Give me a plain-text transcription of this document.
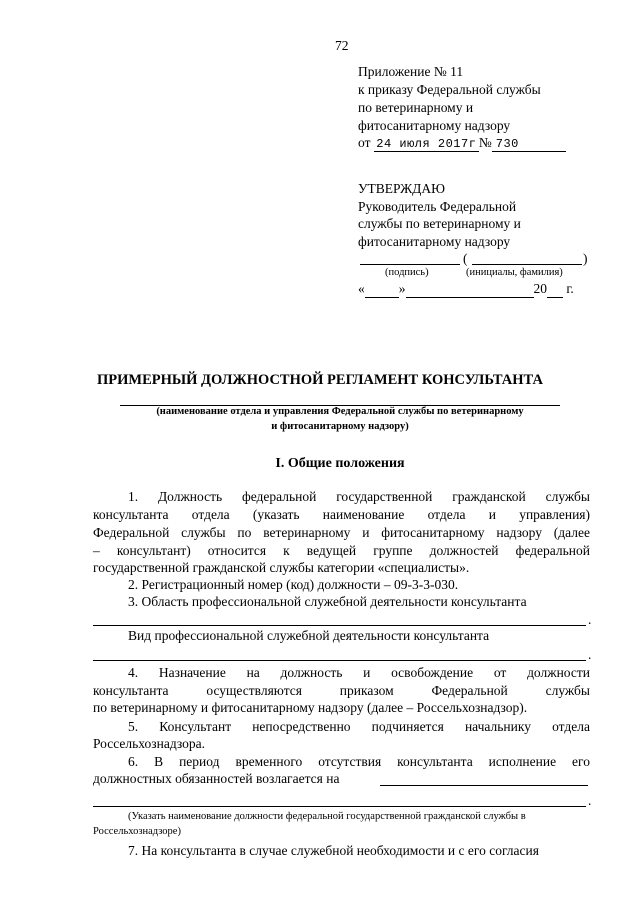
72
Приложение № 11
к приказу Федеральной службы
по ветеринарному и
фитосанитарному надзору
от 24 июля 2017г № 730
УТВЕРЖДАЮ
Руководитель Федеральной
службы по ветеринарному и
фитосанитарному надзору
(	)
(подпись)	(инициалы, фамилия)
«	»	20 г.
ПРИМЕРНЫЙ ДОЛЖНОСТНОЙ РЕГЛАМЕНТ КОНСУЛЬТАНТА
(наименование отдела и управления Федеральной службы по ветеринарному
и фитосанитарному надзору)
I. Общие положения
1. Должность федеральной государственной гражданской службы
консультанта отдела (указать наименование отдела и управления)
Федеральной службы по ветеринарному и фитосанитарному надзору (далее
– консультант) относится к ведущей группе должностей федеральной
государственной гражданской службы категории «специалисты».
2. Регистрационный номер (код) должности – 09-3-3-030.
3. Область профессиональной служебной деятельности консультанта
.
Вид профессиональной служебной деятельности консультанта
.
4. Назначение на должность и освобождение от должности
консультанта осуществляются приказом Федеральной службы
по ветеринарному и фитосанитарному надзору (далее – Россельхознадзор).
5. Консультант непосредственно подчиняется начальнику отдела
Россельхознадзора.
6. В период временного отсутствия консультанта исполнение его
должностных обязанностей возлагается на
.
(Указать наименование должности федеральной государственной гражданской службы в
Россельхознадзоре)
7. На консультанта в случае служебной необходимости и с его согласия
